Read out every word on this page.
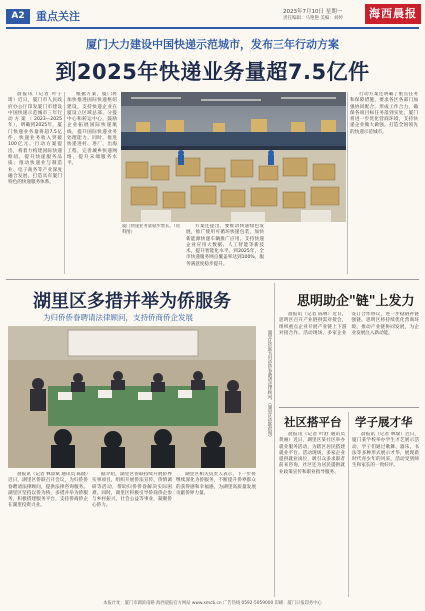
A2	重点关注	2023年7月10日 星期一
责任编辑：马艳艳 美编：刘婷	海西晨报
厦门大力建设中国快递示范城市，发布三年行动方案
到2025年快递业务量超7.5亿件

晨报讯（记者 叶子琦）近日，厦门市人民政府办公厅印发厦门市建设中国快递示范城市三年行动方案（2023—2025年），明确到2025年，厦门快递业务量将超7.5亿件，快递业务收入突破100亿元。行动方案提出，将着力构建国际快递枢纽，提升快递服务品质，推动快递业与制造业、电子商务等产业深度融合发展，打造具有厦门特色的快递服务体系。

根据方案，厦门将加快推进国际快递枢纽建设，支持快递企业在厦设立区域总部、分拨中心和转运中心，鼓励企业拓展国际快递航线，提升国际快递业务处理能力。同时，推进快递进村、进厂、出海工程，完善城乡快递网络，提升末端服务水平。

厦门快递业务量稳步增长。（资料图）

方案还提出，要推动快递绿色发展，推广使用可循环快递包装，加快新能源快递车辆推广应用。支持快递企业应用大数据、人工智能等新技术，提升智能化水平。到2025年，全市快递服务网点覆盖率达到100%，服务满意度稳步提升。

行动方案还明确了重点任务和保障措施，要求各区各部门加强协同配合，形成工作合力，确保各项目标任务落到实处。厦门将进一步优化营商环境，支持快递企业做大做强，打造全国领先的快递示范城市。

湖里区多措并举为侨服务
为归侨侨眷聘请法律顾问，支持侨商侨企发展
湖里区侨联为归侨侨眷聘请法律顾问。（湖里区侨联供图）

晨报讯（记者 林添斌 通讯员 陈晓）近日，湖里区侨联召开会议，为归侨侨眷聘请法律顾问，提供法律咨询服务。湖里区坚持以侨为桥，多措并举为侨服务，积极搭建服务平台，支持侨商侨企在湖里投资兴业。

据介绍，湖里区侨联持续开展侨界实事项目，组织开展侨法宣传、侨情调研等活动，帮助归侨侨眷解决实际困难。同时，湖里区积极引导侨商侨企参与乡村振兴、社会公益等事业，凝聚侨心侨力。

湖里区相关负责人表示，下一步将继续深化为侨服务，不断提升侨界群众的获得感和幸福感，为湖里高质量发展贡献侨界力量。

思明助企"链"上发力

晨报讯（记者 陈林）近日，思明区召开产业链供需对接会，组织重点企业开展产业链上下游对接合作。活动现场，多家企业签订合作协议，进一步稳链补链强链。思明区将持续优化营商环境，推动产业链协同发展，为企业发展注入新动能。

社区搭平台

晨报讯（记者 叶舒 通讯员 黄丽）近日，湖里区某社区举办就业服务活动，为辖区居民搭建就业平台。活动现场，多家企业提供就业岗位，吸引众多求职者前来咨询，社区还为居民提供就业政策宣传和职业指导服务。

学子展才华

晨报讯（记者 林瑞）近日，厦门某学校举办学生才艺展示活动，学子们通过歌舞、器乐、书法等多种形式展示才华，展现新时代青少年的风采，活动受到师生和家长的一致好评。

本报社址：厦门市湖滨南路 海西晨报官方网站 www.xmcb.cn 广告热线 0592-5059000 印刷：厦门日报印务中心
